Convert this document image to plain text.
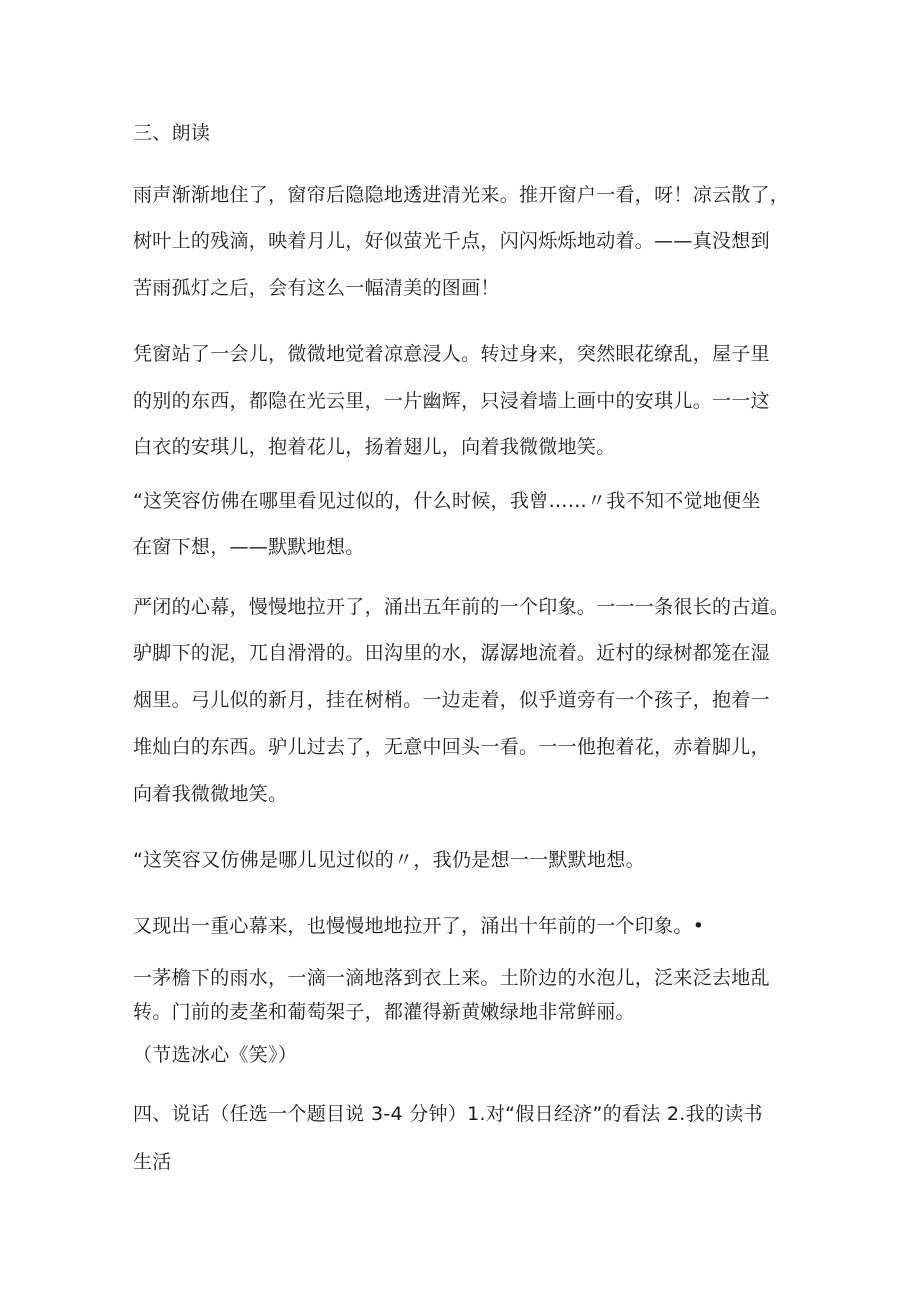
三、朗读

雨声渐渐地住了，窗帘后隐隐地透进清光来。推开窗户一看，呀！凉云散了，

树叶上的残滴，映着月儿，好似萤光千点，闪闪烁烁地动着。——真没想到

苦雨孤灯之后，会有这么一幅清美的图画！

凭窗站了一会儿，微微地觉着凉意浸人。转过身来，突然眼花缭乱，屋子里

的别的东西，都隐在光云里，一片幽辉，只浸着墙上画中的安琪儿。一一这

白衣的安琪儿，抱着花儿，扬着翅儿，向着我微微地笑。

“这笑容仿佛在哪里看见过似的，什么时候，我曾……〃我不知不觉地便坐

在窗下想，——默默地想。

严闭的心幕，慢慢地拉开了，涌出五年前的一个印象。一一一条很长的古道。

驴脚下的泥，兀自滑滑的。田沟里的水，潺潺地流着。近村的绿树都笼在湿

烟里。弓儿似的新月，挂在树梢。一边走着，似乎道旁有一个孩子，抱着一

堆灿白的东西。驴儿过去了，无意中回头一看。一一他抱着花，赤着脚儿，

向着我微微地笑。

“这笑容又仿佛是哪儿见过似的〃，我仍是想一一默默地想。

又现出一重心幕来，也慢慢地地拉开了，涌出十年前的一个印象。•

一茅檐下的雨水，一滴一滴地落到衣上来。土阶边的水泡儿，泛来泛去地乱

转。门前的麦垄和葡萄架子，都灌得新黄嫩绿地非常鲜丽。

（节选冰心《笑》）

四、说话（任选一个题目说 3-4 分钟）1.对“假日经济”的看法 2.我的读书

生活
